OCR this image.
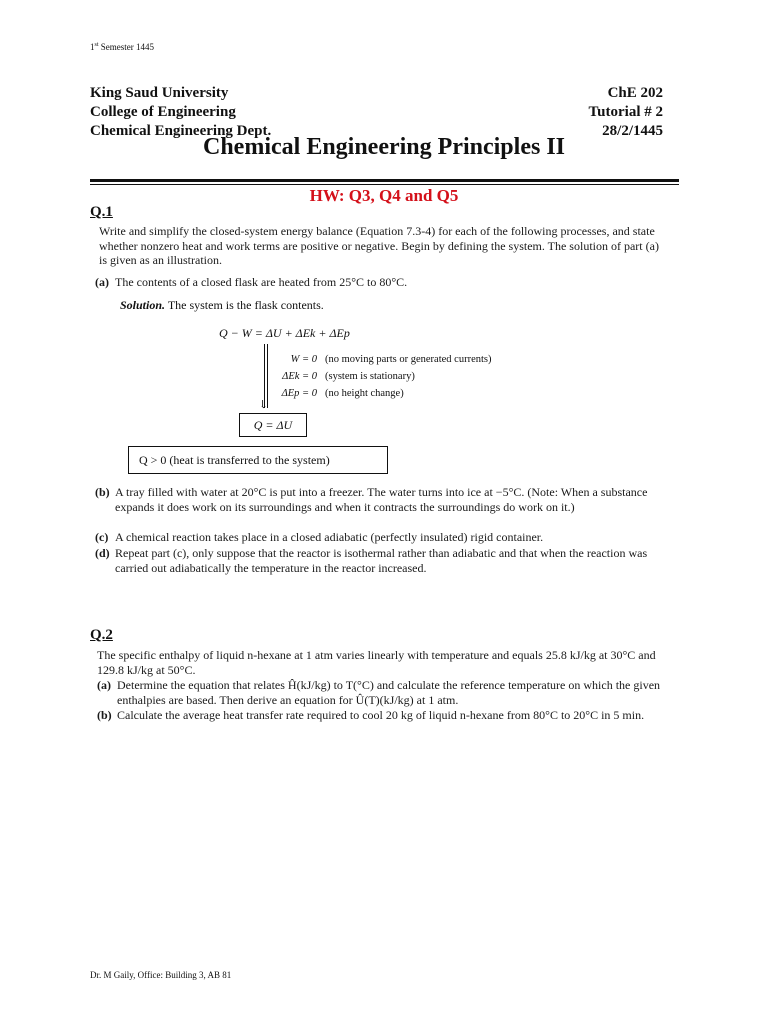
1st Semester 1445
King Saud University
College of Engineering
Chemical Engineering Dept.
ChE 202
Tutorial # 2
28/2/1445
Chemical Engineering Principles II
HW: Q3, Q4 and Q5
Q.1
Write and simplify the closed-system energy balance (Equation 7.3-4) for each of the following processes, and state whether nonzero heat and work terms are positive or negative. Begin by defining the system. The solution of part (a) is given as an illustration.
(a) The contents of a closed flask are heated from 25°C to 80°C.
Solution. The system is the flask contents.
Q − W = ΔU + ΔEk + ΔEp
⇓
W = 0 (no moving parts or generated currents)
ΔEk = 0 (system is stationary)
ΔEp = 0 (no height change)
Q = ΔU
Q > 0 (heat is transferred to the system)
(b) A tray filled with water at 20°C is put into a freezer. The water turns into ice at −5°C. (Note: When a substance expands it does work on its surroundings and when it contracts the surroundings do work on it.)
(c) A chemical reaction takes place in a closed adiabatic (perfectly insulated) rigid container.
(d) Repeat part (c), only suppose that the reactor is isothermal rather than adiabatic and that when the reaction was carried out adiabatically the temperature in the reactor increased.
Q.2
The specific enthalpy of liquid n-hexane at 1 atm varies linearly with temperature and equals 25.8 kJ/kg at 30°C and 129.8 kJ/kg at 50°C.
(a) Determine the equation that relates Ĥ(kJ/kg) to T(°C) and calculate the reference temperature on which the given enthalpies are based. Then derive an equation for Û(T)(kJ/kg) at 1 atm.
(b) Calculate the average heat transfer rate required to cool 20 kg of liquid n-hexane from 80°C to 20°C in 5 min.
Dr. M Gaily, Office: Building 3, AB 81
